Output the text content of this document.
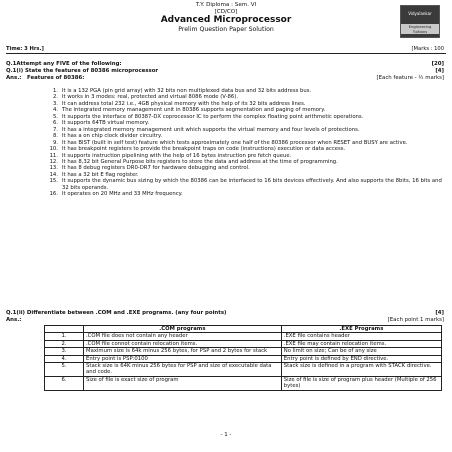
T.Y. Diploma : Sem. VI
[CD/CO]
Advanced Microprocessor
Prelim Question Paper Solution
Vidyalankar
Engineering Tuitions
Time: 3 Hrs.]	[Marks : 100
Q.1Attempt any FIVE of the following:	[20]
Q.1(i) State the features of 80386 microprocessor	[4]
Ans.: Features of 80386:	[Each feature - ½ marks]
1. It is a 132 PGA (pin grid array) with 32 bits non multiplexed data bus and 32 bits address bus.
2. It works in 3 modes: real, protected and virtual 8086 mode (V-86).
3. It can address total 232 i.e., 4GB physical memory with the help of its 32 bits address lines.
4. The integrated memory management unit in 80386 supports segmentation and paging of memory.
5. It supports the interface of 80387-DX coprocessor IC to perform the complex floating point arithmetic operations.
6. It supports 64TB virtual memory.
7. It has a integrated memory management unit which supports the virtual memory and four levels of protections.
8. It has a on chip clock divider circuitry.
9. It has BIST (built in self test) feature which tests approximately one half of the 80386 processor when RESET and BUSY are active.
10. It has breakpoint registers to provide the breakpoint traps on code (instructions) execution or data access.
11. It supports instruction pipelining with the help of 16 bytes instruction pre fetch queue.
12. It has 8,32 bit General Purpose bits registers to store the data and address at the time of programming.
13. It has 8 debug registers DR0-DR7 for hardware debugging and control.
14. It has a 32 bit E flag register.
15. It supports the dynamic bus sizing by which the 80386 can be interfaced to 16 bits devices effectively. And also supports the 8bits, 16 bits and 32 bits operands.
16. It operates on 20 MHz and 33 MHz frequency.
Q.1(ii) Differentiate between .COM and .EXE programs. (any four points)	[4]
Ans.:	[Each point 1 marks]
	.COM programs	.EXE Programs
1.	.COM file does not contain any header	.EXE file contains header
2.	.COM file connot contain relocation items.	.EXE file may contain relocation items.
3.	Maximum size is 64k minus 256 bytes, for PSP and 2 bytes for stack	No limit on size; Can be of any size
4.	Entry point is PSP:0100	Entry point is defined by END directive.
5.	Stack size is 64K minus 256 bytes for PSP and size of executable data and code.	Stack size is defined in a program with STACK directive.
6.	Size of file is exact size of program	Size of file is size of program plus header (Multiple of 256 bytes)
- 1 -
